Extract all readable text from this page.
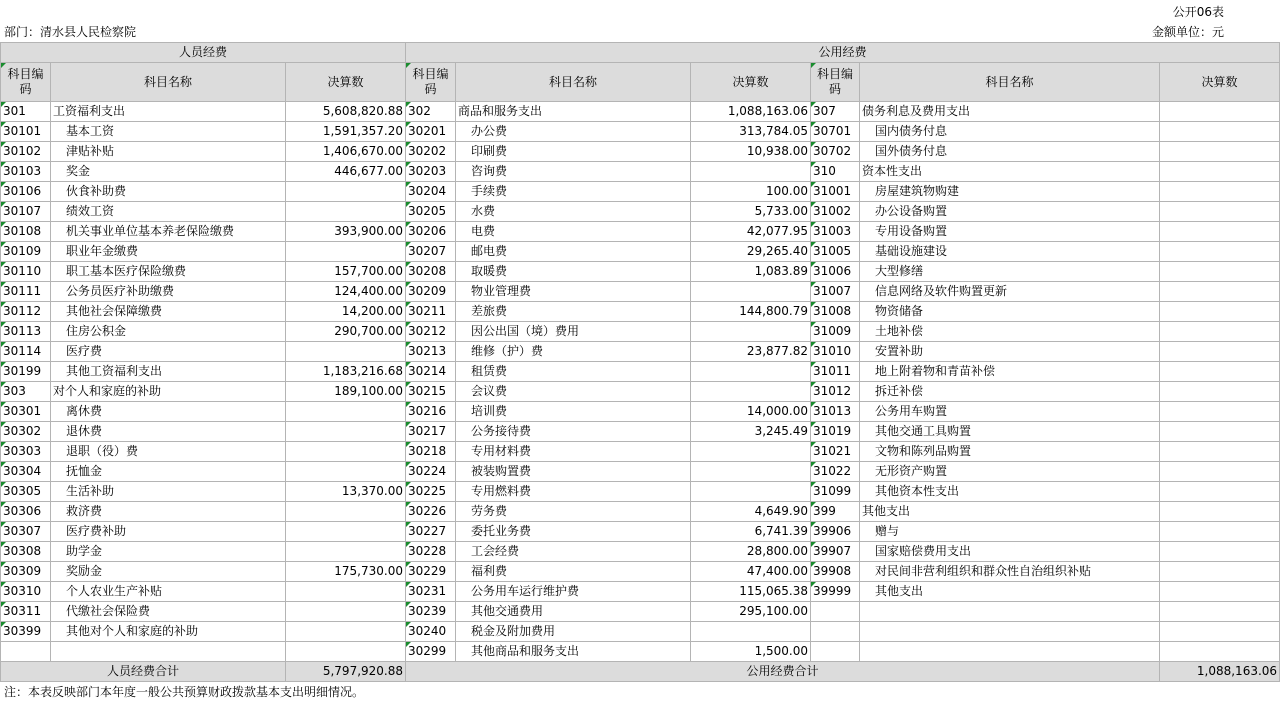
公开06表
部门：清水县人民检察院	金额单位：元
人员经费			公用经费					
科目编码	科目名称	决算数	科目编码	科目名称	决算数	科目编码	科目名称	决算数
301	工资福利支出	5,608,820.88	302	商品和服务支出	1,088,163.06	307	债务利息及费用支出	
30101	基本工资	1,591,357.20	30201	办公费	313,784.05	30701	国内债务付息	
30102	津贴补贴	1,406,670.00	30202	印刷费	10,938.00	30702	国外债务付息	
30103	奖金	446,677.00	30203	咨询费		310	资本性支出	
30106	伙食补助费		30204	手续费	100.00	31001	房屋建筑物购建	
30107	绩效工资		30205	水费	5,733.00	31002	办公设备购置	
30108	机关事业单位基本养老保险缴费	393,900.00	30206	电费	42,077.95	31003	专用设备购置	
30109	职业年金缴费		30207	邮电费	29,265.40	31005	基础设施建设	
30110	职工基本医疗保险缴费	157,700.00	30208	取暖费	1,083.89	31006	大型修缮	
30111	公务员医疗补助缴费	124,400.00	30209	物业管理费		31007	信息网络及软件购置更新	
30112	其他社会保障缴费	14,200.00	30211	差旅费	144,800.79	31008	物资储备	
30113	住房公积金	290,700.00	30212	因公出国（境）费用		31009	土地补偿	
30114	医疗费		30213	维修（护）费	23,877.82	31010	安置补助	
30199	其他工资福利支出	1,183,216.68	30214	租赁费		31011	地上附着物和青苗补偿	
303	对个人和家庭的补助	189,100.00	30215	会议费		31012	拆迁补偿	
30301	离休费		30216	培训费	14,000.00	31013	公务用车购置	
30302	退休费		30217	公务接待费	3,245.49	31019	其他交通工具购置	
30303	退职（役）费		30218	专用材料费		31021	文物和陈列品购置	
30304	抚恤金		30224	被装购置费		31022	无形资产购置	
30305	生活补助	13,370.00	30225	专用燃料费		31099	其他资本性支出	
30306	救济费		30226	劳务费	4,649.90	399	其他支出	
30307	医疗费补助		30227	委托业务费	6,741.39	39906	赠与	
30308	助学金		30228	工会经费	28,800.00	39907	国家赔偿费用支出	
30309	奖励金	175,730.00	30229	福利费	47,400.00	39908	对民间非营利组织和群众性自治组织补贴	
30310	个人农业生产补贴		30231	公务用车运行维护费	115,065.38	39999	其他支出	
30311	代缴社会保险费		30239	其他交通费用	295,100.00			
30399	其他对个人和家庭的补助		30240	税金及附加费用				
			30299	其他商品和服务支出	1,500.00			
人员经费合计		5,797,920.88	公用经费合计					1,088,163.06
注：本表反映部门本年度一般公共预算财政拨款基本支出明细情况。
